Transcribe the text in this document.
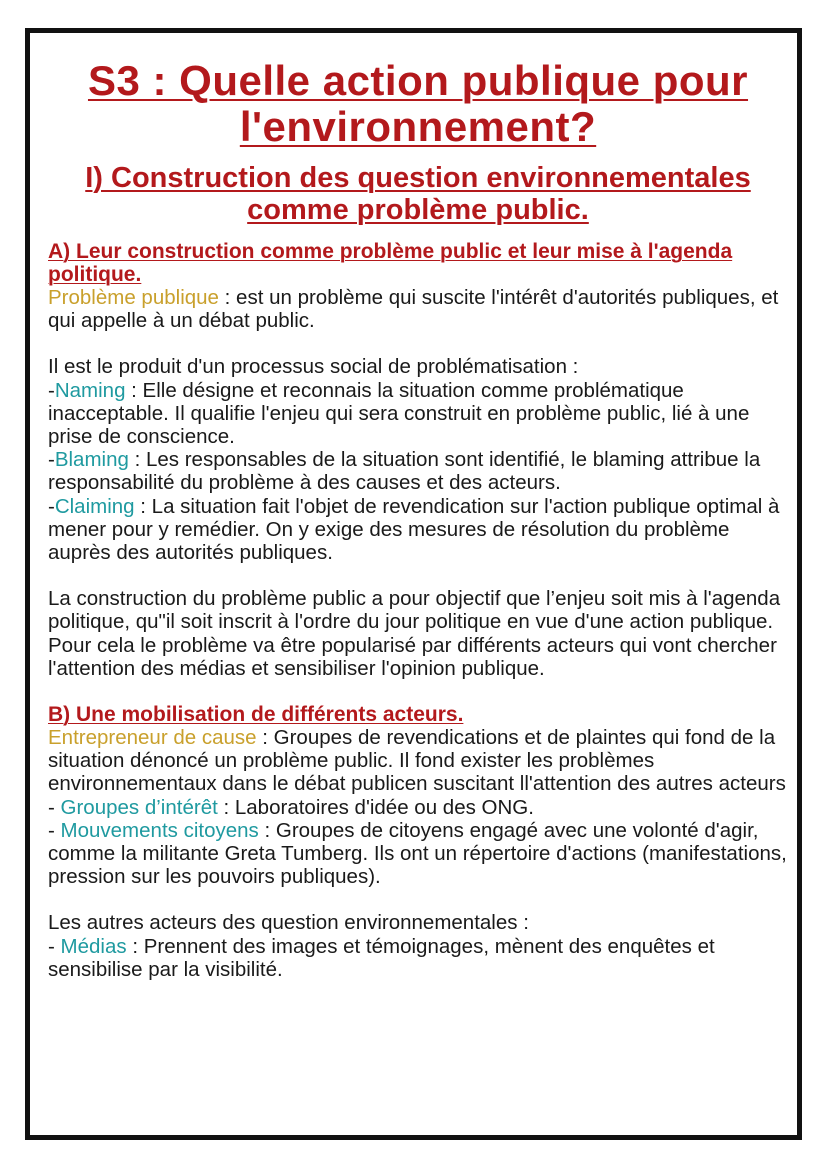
S3 : Quelle action publique pour l'environnement?
I) Construction des question environnementales comme problème public.
A) Leur construction comme problème public et leur mise à l'agenda politique.

Problème publique : est un problème qui suscite l'intérêt d'autorités publiques, et qui appelle à un débat public.

Il est le produit d'un processus social de problématisation :

-Naming : Elle désigne et reconnais la situation comme problématique inacceptable. Il qualifie l'enjeu qui sera construit en problème public, lié à une prise de conscience.

-Blaming : Les responsables de la situation sont identifié, le blaming attribue la responsabilité du problème à des causes et des acteurs.

-Claiming : La situation fait l'objet de revendication sur l'action publique optimal à mener pour y remédier. On y exige des mesures de résolution du problème auprès des autorités publiques.

La construction du problème public a pour objectif que l’enjeu soit mis à l'agenda politique, qu"il soit inscrit à l'ordre du jour politique en vue d'une action publique. Pour cela le problème va être popularisé par différents acteurs qui vont chercher l'attention des médias et sensibiliser l'opinion publique.

B) Une mobilisation de différents acteurs.

Entrepreneur de cause : Groupes de revendications et de plaintes qui fond de la situation dénoncé un problème public. Il fond exister les problèmes environnementaux dans le débat publicen suscitant ll'attention des autres acteurs

- Groupes d’intérêt : Laboratoires d'idée ou des ONG.

- Mouvements citoyens : Groupes de citoyens engagé avec une volonté d'agir, comme la militante Greta Tumberg. Ils ont un répertoire d'actions (manifestations, pression sur les pouvoirs publiques).

Les autres acteurs des question environnementales :

- Médias : Prennent des images et témoignages, mènent des enquêtes et sensibilise par la visibilité.
